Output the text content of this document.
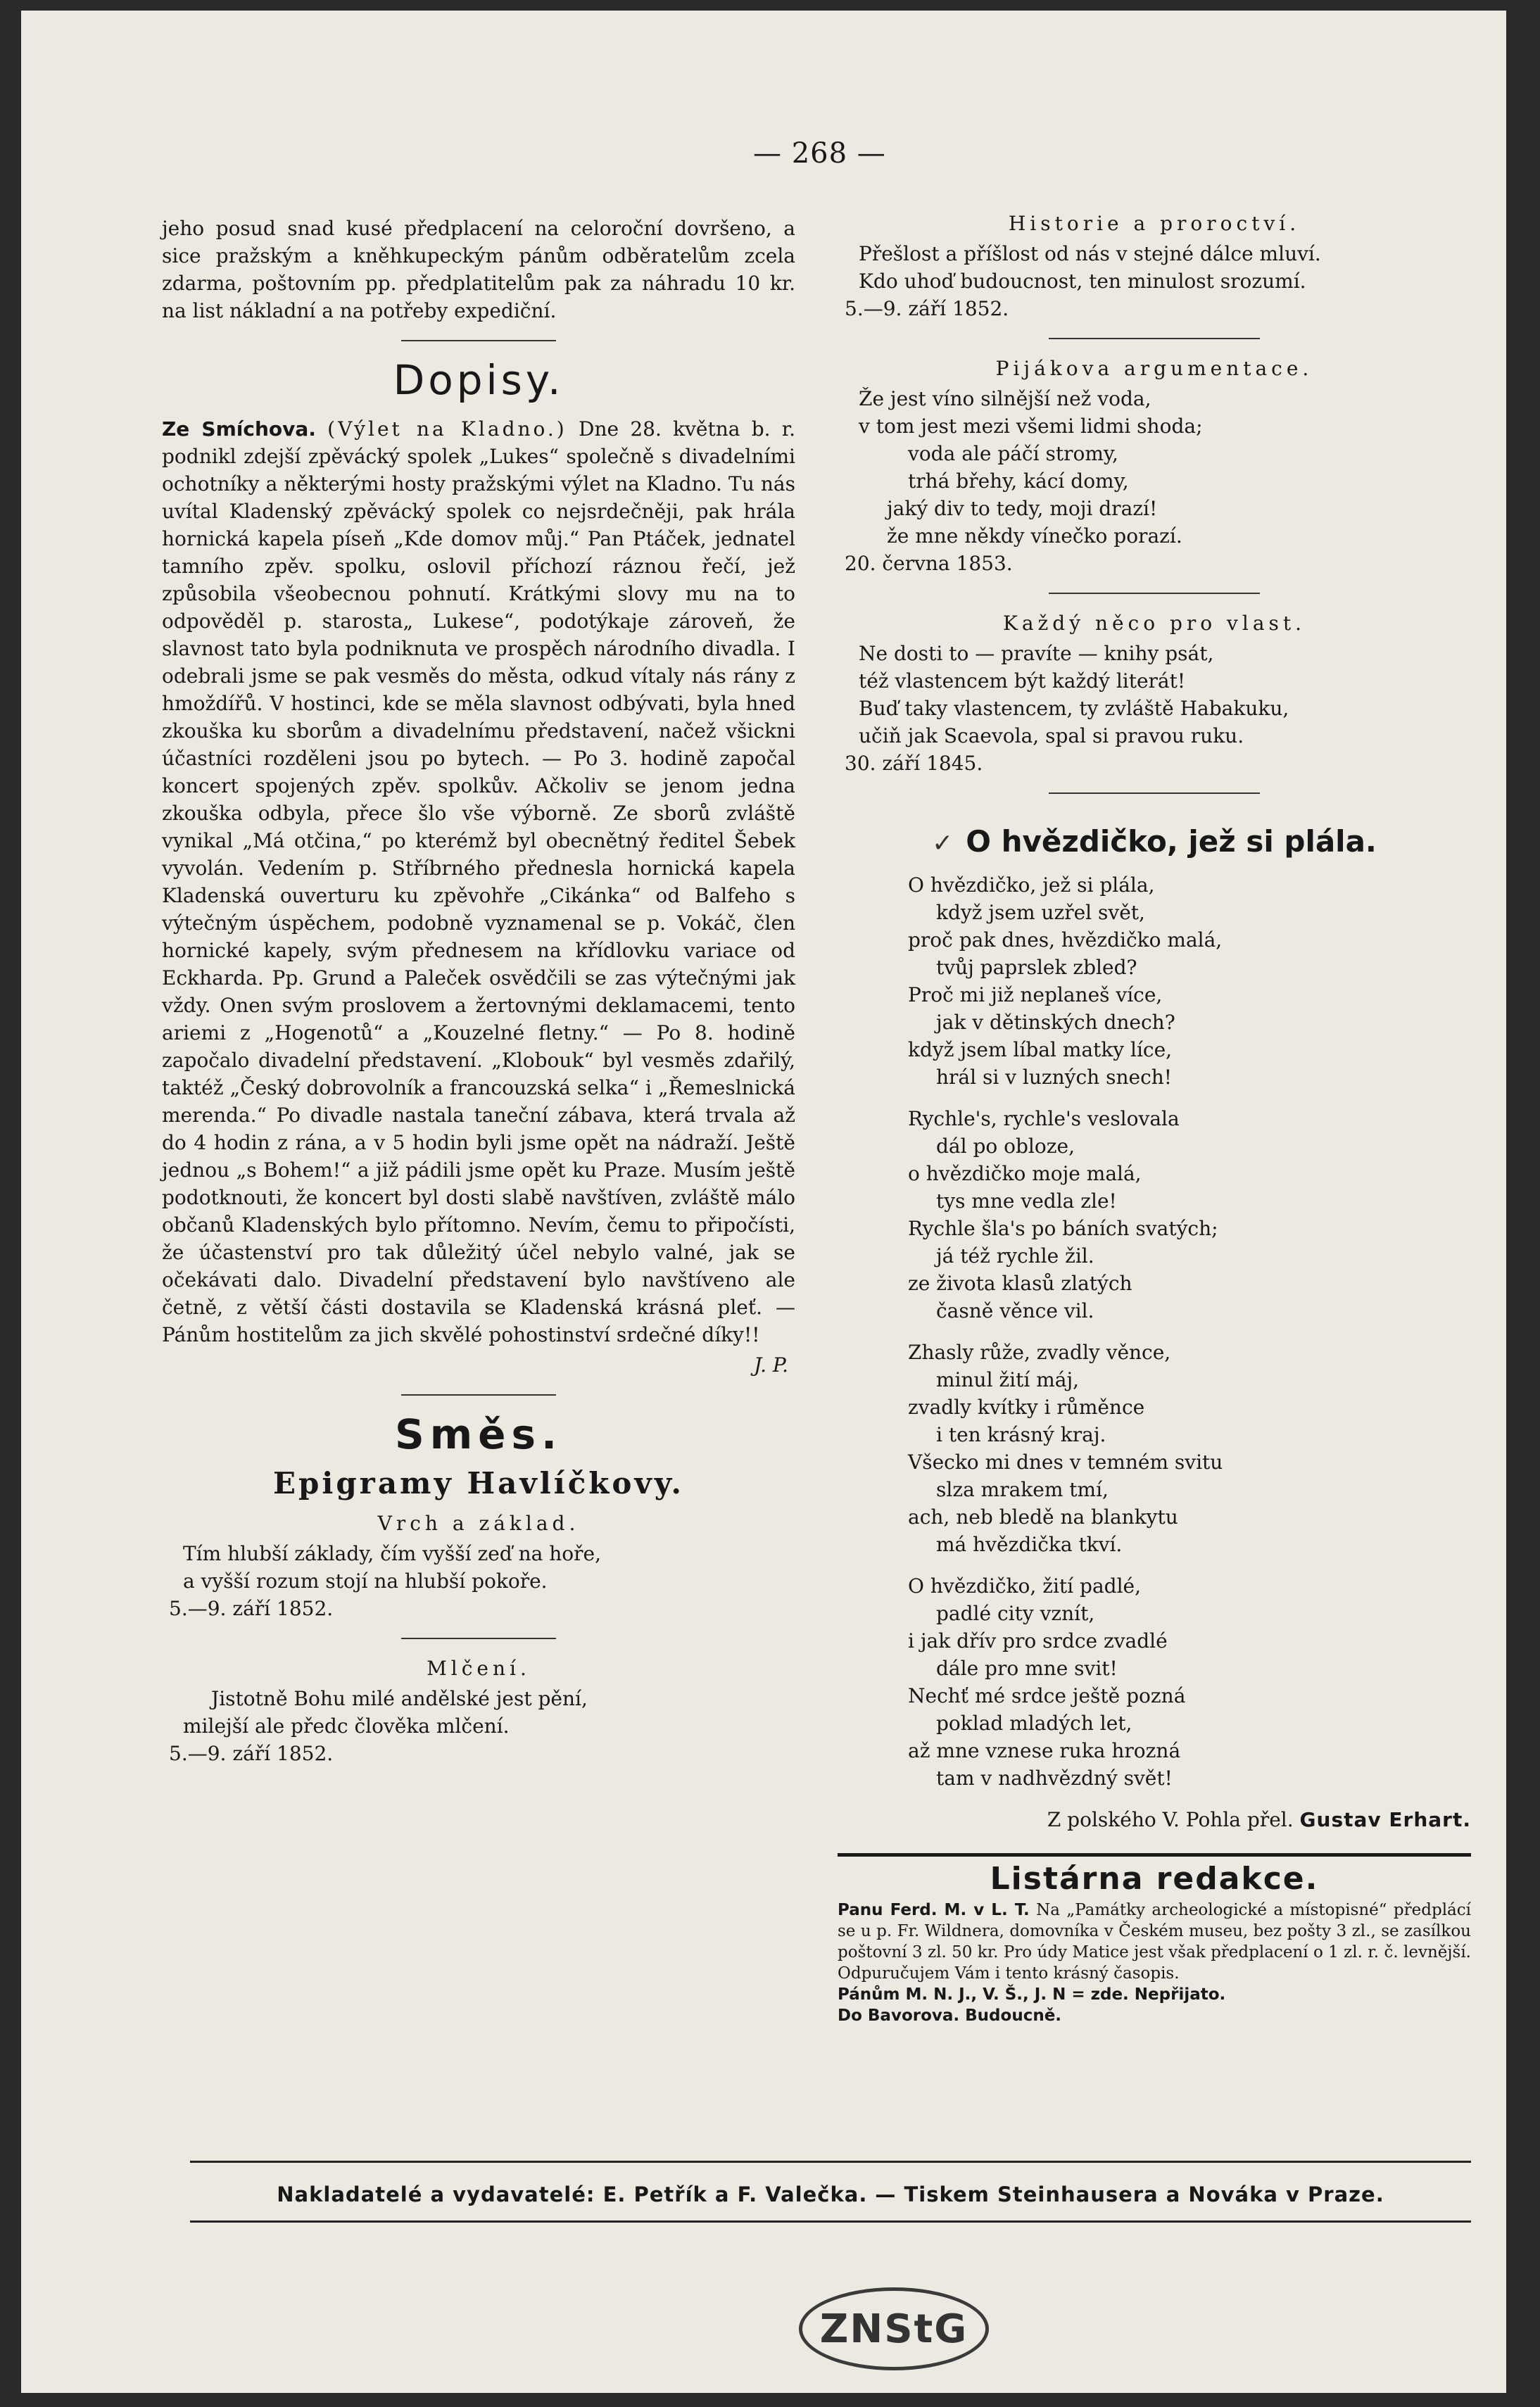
— 268 —

jeho posud snad kusé předplacení na celoroční dovršeno, a sice pražským a kněhkupeckým pánům odběratelům zcela zdarma, poštovním pp. předplatitelům pak za náhradu 10 kr. na list nákladní a na potřeby expediční.

Dopisy.

Ze Smíchova. (Výlet na Kladno.) Dne 28. května b. r. podnikl zdejší zpěvácký spolek „Lukes“ společně s divadelními ochotníky a některými hosty pražskými výlet na Kladno. Tu nás uvítal Kladenský zpěvácký spolek co nejsrdečněji, pak hrála hornická kapela píseň „Kde domov můj.“ Pan Ptáček, jednatel tamního zpěv. spolku, oslovil příchozí ráznou řečí, jež způsobila všeobecnou pohnutí. Krátkými slovy mu na to odpověděl p. starosta„ Lukese“, podotýkaje zároveň, že slavnost tato byla podniknuta ve prospěch národního divadla. I odebrali jsme se pak vesměs do města, odkud vítaly nás rány z hmoždířů. V hostinci, kde se měla slavnost odbývati, byla hned zkouška ku sborům a divadelnímu představení, načež všickni účastníci rozděleni jsou po bytech. — Po 3. hodině započal koncert spojených zpěv. spolkův. Ačkoliv se jenom jedna zkouška odbyla, přece šlo vše výborně. Ze sborů zvláště vynikal „Má otčina,“ po kterémž byl obecnětný ředitel Šebek vyvolán. Vedením p. Stříbrného přednesla hornická kapela Kladenská ouverturu ku zpěvohře „Cikánka“ od Balfeho s výtečným úspěchem, podobně vyznamenal se p. Vokáč, člen hornické kapely, svým přednesem na křídlovku variace od Eckharda. Pp. Grund a Paleček osvědčili se zas výtečnými jak vždy. Onen svým proslovem a žertovnými deklamacemi, tento ariemi z „Hogenotů“ a „Kouzelné fletny.“ — Po 8. hodině započalo divadelní představení. „Klobouk“ byl vesměs zdařilý, taktéž „Český dobrovolník a francouzská selka“ i „Řemeslnická merenda.“ Po divadle nastala taneční zábava, která trvala až do 4 hodin z rána, a v 5 hodin byli jsme opět na nádraží. Ještě jednou „s Bohem!“ a již pádili jsme opět ku Praze. Musím ještě podotknouti, že koncert byl dosti slabě navštíven, zvláště málo občanů Kladenských bylo přítomno. Nevím, čemu to připočísti, že účastenství pro tak důležitý účel nebylo valné, jak se očekávati dalo. Divadelní představení bylo navštíveno ale četně, z větší části dostavila se Kladenská krásná pleť. — Pánům hostitelům za jich skvělé pohostinství srdečné díky!!

J. P.
Směs.
Epigramy Havlíčkovy.
Vrch a základ.
Tím hlubší základy, čím vyšší zeď na hoře,
a vyšší rozum stojí na hlubší pokoře.
5.—9. září 1852.
Mlčení.
Jistotně Bohu milé andělské jest pění,
milejší ale předc člověka mlčení.
5.—9. září 1852.
Historie a proroctví.
Přešlost a příšlost od nás v stejné dálce mluví.
Kdo uhoď budoucnost, ten minulost srozumí.
5.—9. září 1852.
Pijákova argumentace.
Že jest víno silnější než voda,
v tom jest mezi všemi lidmi shoda;
voda ale páčí stromy,
trhá břehy, kácí domy,
jaký div to tedy, moji drazí!
že mne někdy vínečko porazí.
20. června 1853.
Každý něco pro vlast.
Ne dosti to — pravíte — knihy psát,
též vlastencem být každý literát!
Buď taky vlastencem, ty zvláště Habakuku,
učiň jak Scaevola, spal si pravou ruku.
30. září 1845.
✓ O hvězdičko, jež si plála.
O hvězdičko, jež si plála,
když jsem uzřel svět,
proč pak dnes, hvězdičko malá,
tvůj paprslek zbled?
Proč mi již neplaneš více,
jak v dětinských dnech?
když jsem líbal matky líce,
hrál si v luzných snech!
Rychle's, rychle's veslovala
dál po obloze,
o hvězdičko moje malá,
tys mne vedla zle!
Rychle šla's po báních svatých;
já též rychle žil.
ze života klasů zlatých
časně věnce vil.
Zhasly růže, zvadly věnce,
minul žití máj,
zvadly kvítky i růměnce
i ten krásný kraj.
Všecko mi dnes v temném svitu
slza mrakem tmí,
ach, neb bledě na blankytu
má hvězdička tkví.
O hvězdičko, žití padlé,
padlé city vznít,
i jak dřív pro srdce zvadlé
dále pro mne svit!
Nechť mé srdce ještě pozná
poklad mladých let,
až mne vznese ruka hrozná
tam v nadhvězdný svět!
Z polského V. Pohla přel. Gustav Erhart.
Listárna redakce.

Panu Ferd. M. v L. T. Na „Památky archeologické a místopisné“ předplácí se u p. Fr. Wildnera, domovníka v Českém museu, bez pošty 3 zl., se zasílkou poštovní 3 zl. 50 kr. Pro údy Matice jest však předplacení o 1 zl. r. č. levnější. Odpuručujem Vám i tento krásný časopis.

Pánům M. N. J., V. Š., J. N = zde. Nepřijato.

Do Bavorova. Budoucně.

Nakladatelé a vydavatelé: E. Petřík a F. Valečka. — Tiskem Steinhausera a Nováka v Praze.
ZNStG
